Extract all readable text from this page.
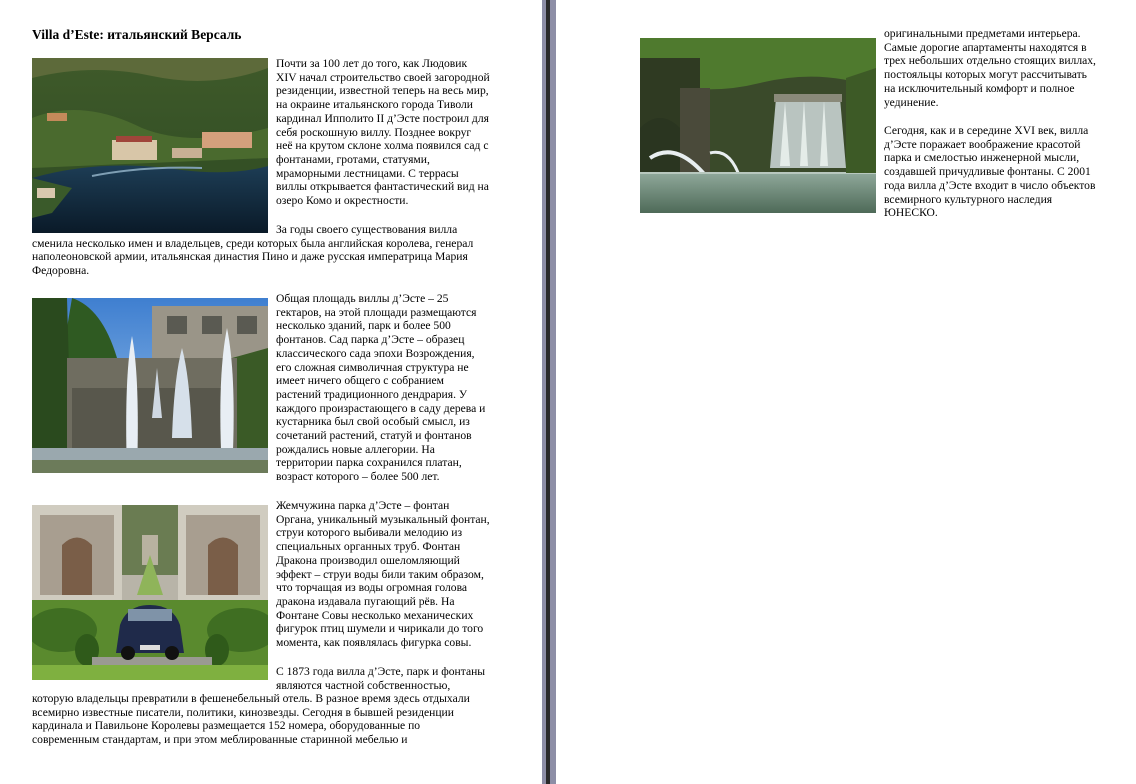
Villa d’Este: итальянский Версаль
Почти за 100 лет до того, как Людовик
XIV начал строительство своей загородной
резиденции, известной теперь на весь мир,
на окраине итальянского города Тиволи
кардинал Ипполито II д’Эсте построил для
себя роскошную виллу. Позднее вокруг
неё на крутом склоне холма появился сад с
фонтанами, гротами, статуями,
мраморными лестницами. С террасы
виллы открывается фантастический вид на
озеро Комо и окрестности.
За годы своего существования вилла
сменила несколько имен и владельцев, среди которых была английская королева, генерал
наполеоновской армии, итальянская династия Пино и даже русская императрица Мария
Федоровна.
Общая площадь виллы д’Эсте – 25
гектаров, на этой площади размещаются
несколько зданий, парк и более 500
фонтанов. Сад парка д’Эсте – образец
классического сада эпохи Возрождения,
его сложная символичная структура не
имеет ничего общего с собранием
растений традиционного дендрария. У
каждого произрастающего в саду дерева и
кустарника был свой особый смысл, из
сочетаний растений, статуй и фонтанов
рождались новые аллегории. На
территории парка сохранился платан,
возраст которого – более 500 лет.
Жемчужина парка д’Эсте – фонтан
Органа, уникальный музыкальный фонтан,
струи которого выбивали мелодию из
специальных органных труб. Фонтан
Дракона производил ошеломляющий
эффект – струи воды били таким образом,
что торчащая из воды огромная голова
дракона издавала пугающий рёв. На
Фонтане Совы несколько механических
фигурок птиц шумели и чирикали до того
момента, как появлялась фигурка совы.
С 1873 года вилла д’Эсте, парк и фонтаны
являются частной собственностью,
которую владельцы превратили в фешенебельный отель. В разное время здесь отдыхали
всемирно известные писатели, политики, кинозвезды. Сегодня в бывшей резиденции
кардинала и Павильоне Королевы размещается 152 номера, оборудованные по
современным стандартам, и при этом меблированные старинной мебелью и
оригинальными предметами интерьера.
Самые дорогие апартаменты находятся в
трех небольших отдельно стоящих виллах,
постояльцы которых могут рассчитывать
на исключительный комфорт и полное
уединение.
Сегодня, как и в середине XVI век, вилла
д’Эсте поражает воображение красотой
парка и смелостью инженерной мысли,
создавшей причудливые фонтаны. С 2001
года вилла д’Эсте входит в число объектов
всемирного культурного наследия
ЮНЕСКО.
